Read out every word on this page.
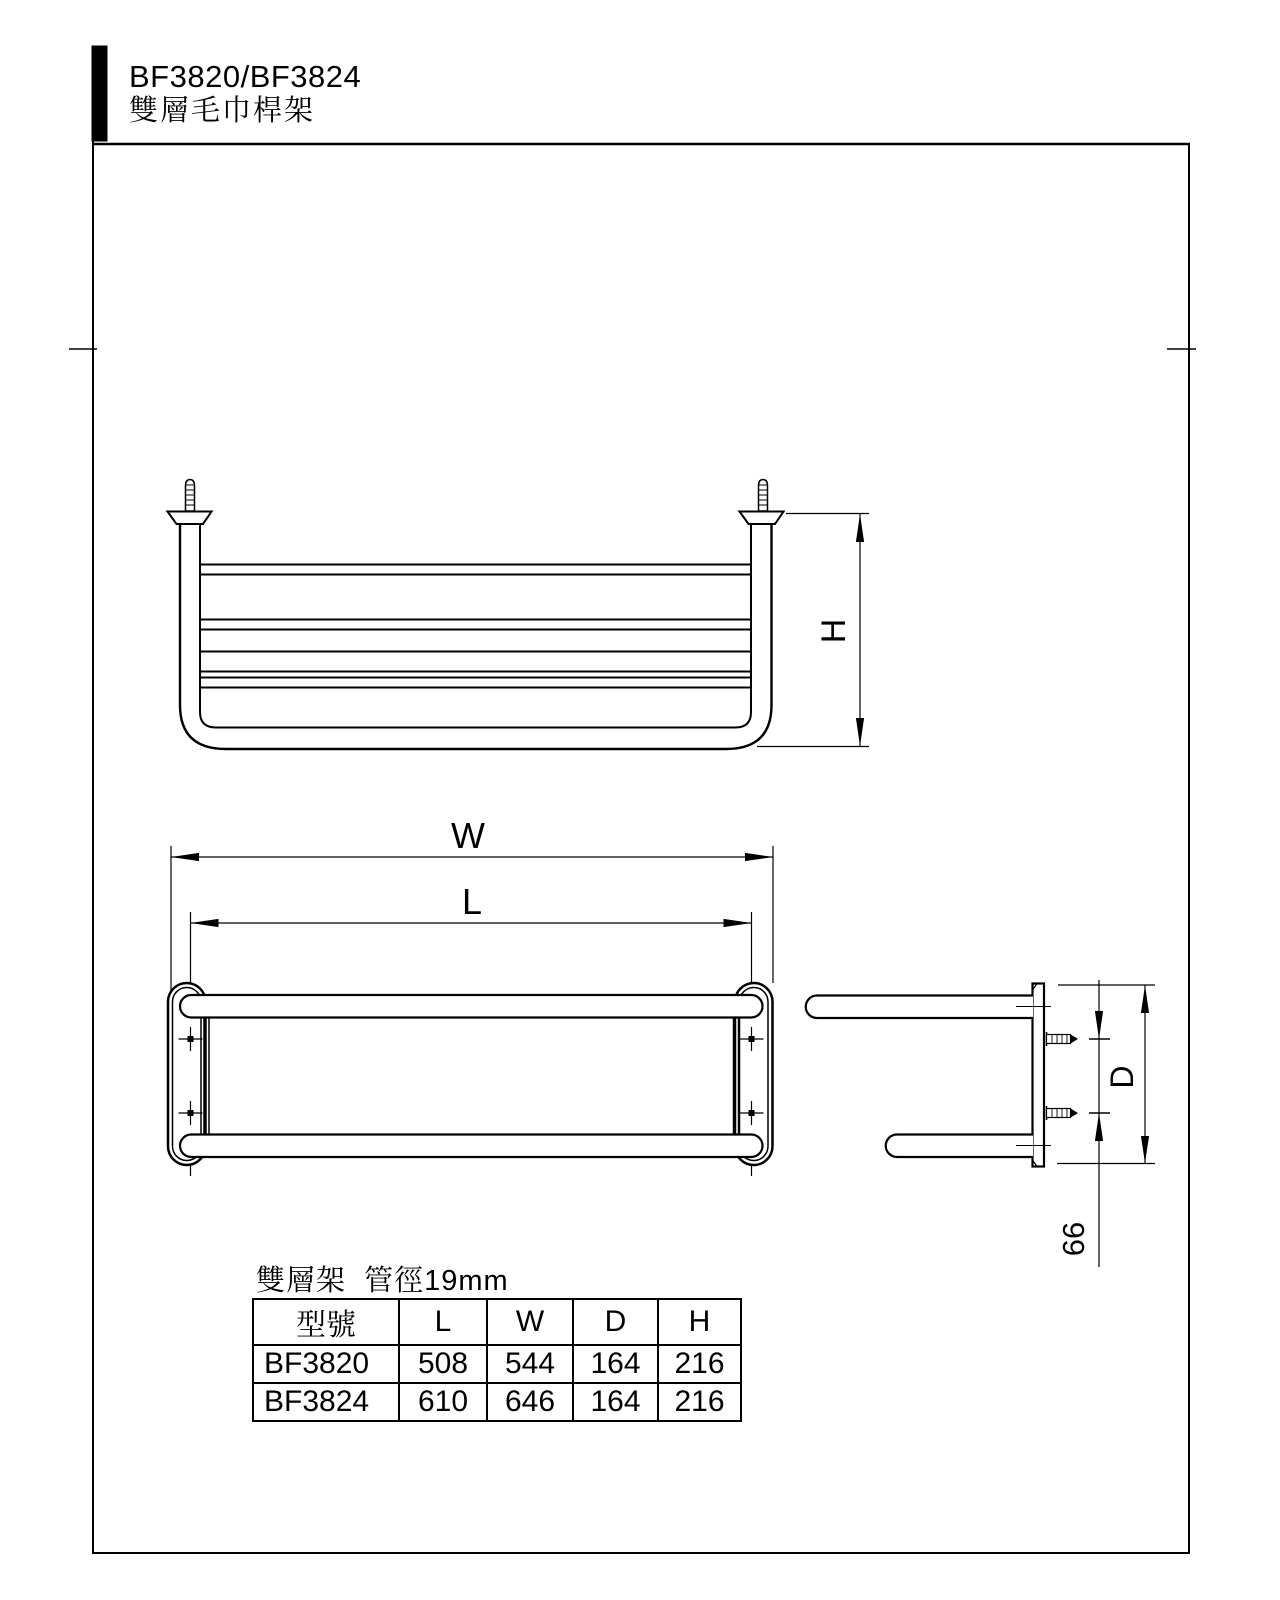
BF3820/BF3824
雙層毛巾桿架
W
L
H
D
66
雙層架  管徑19mm
型號	L	W	D	H
BF3820	508	544	164	216
BF3824	610	646	164	216
